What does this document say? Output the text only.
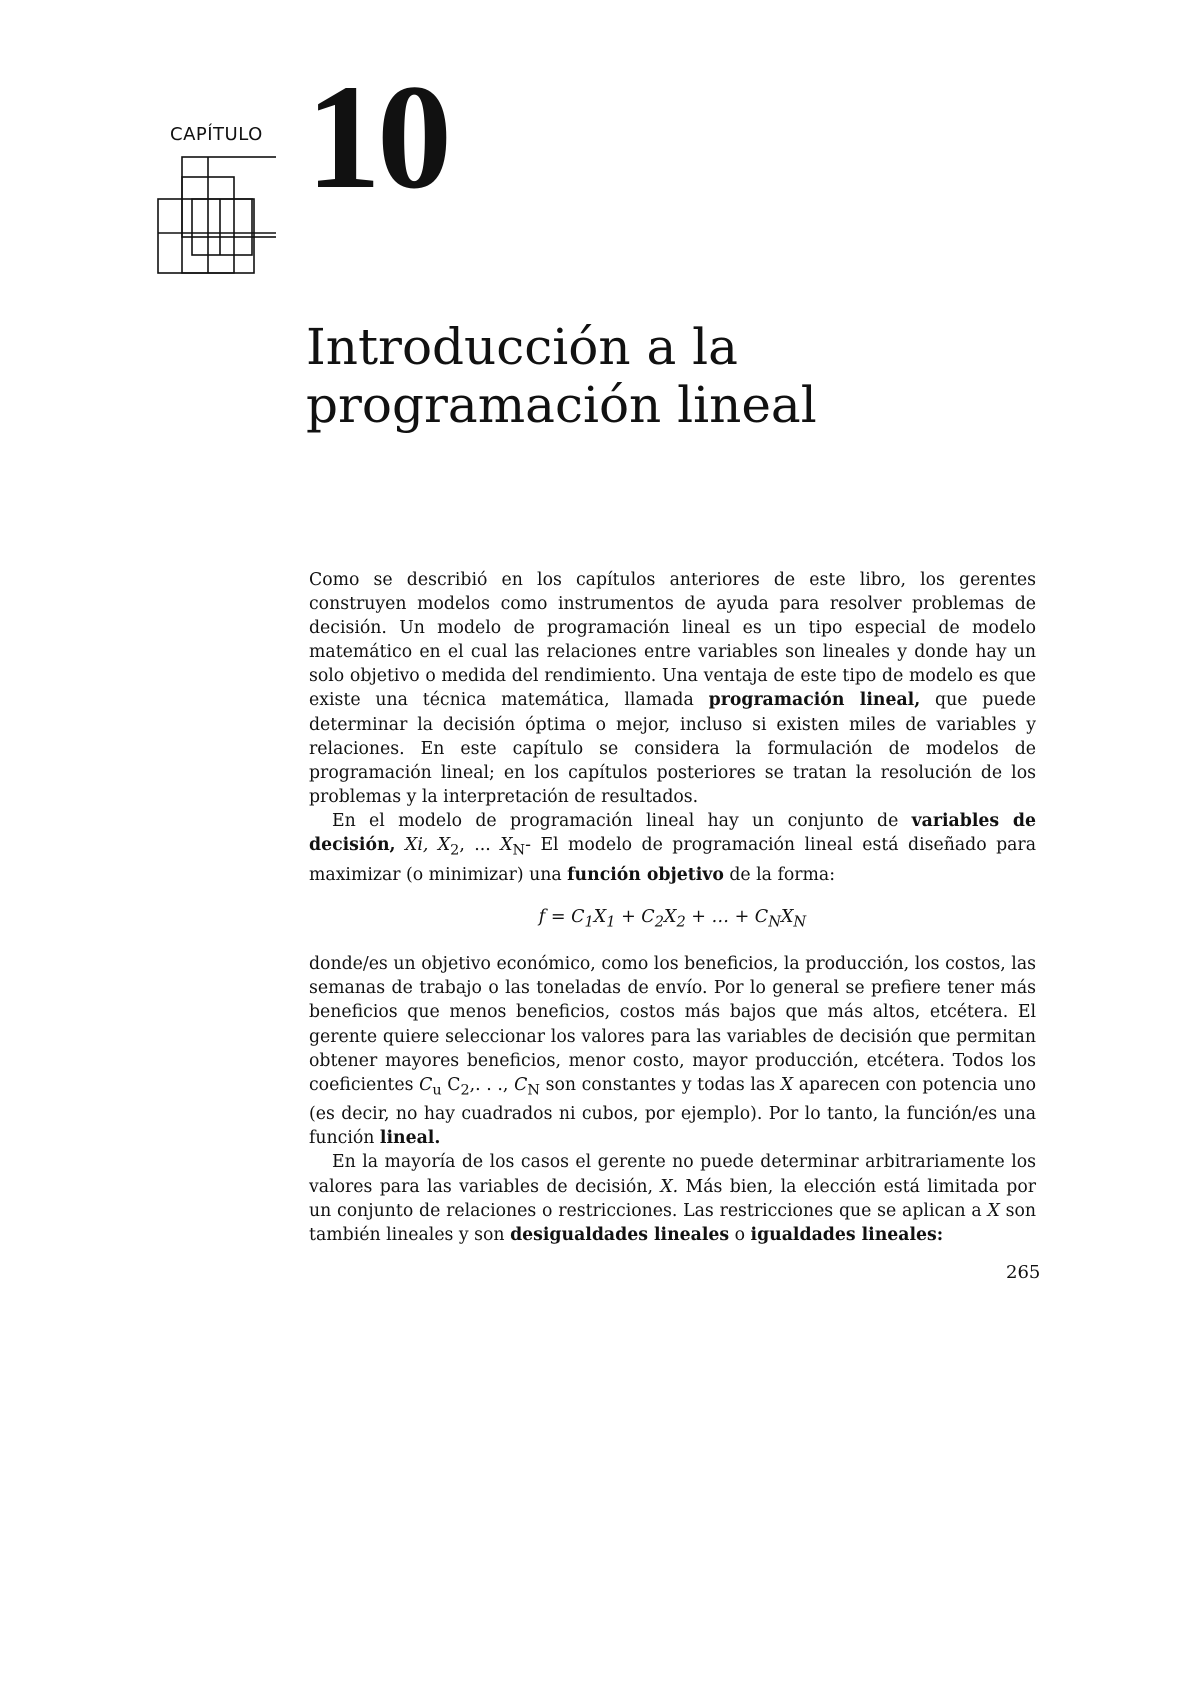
CAPÍTULO 10
Introducción a la
programación lineal

Como se describió en los capítulos anteriores de este libro, los gerentes construyen modelos como instrumentos de ayuda para resolver problemas de decisión. Un modelo de programación lineal es un tipo especial de modelo matemático en el cual las relaciones entre variables son lineales y donde hay un solo objetivo o medida del rendimiento. Una ventaja de este tipo de modelo es que existe una técnica matemática, llamada programación lineal, que puede determinar la decisión óptima o mejor, incluso si existen miles de variables y relaciones. En este capítulo se considera la formulación de modelos de programación lineal; en los capítulos posteriores se tratan la resolución de los problemas y la interpretación de resultados.

En el modelo de programación lineal hay un conjunto de variables de decisión, Xi, $X_2$, ... $X_N-$ El modelo de programación lineal está diseñado para maximizar (o minimizar) una función objetivo de la forma:

$f = C_1X_1 + C_2X_2$ + … + $C_NX_N$

donde/es un objetivo económico, como los beneficios, la producción, los costos, las semanas de trabajo o las toneladas de envío. Por lo general se prefiere tener más beneficios que menos beneficios, costos más bajos que más altos, etcétera. El gerente quiere seleccionar los valores para las variables de decisión que permitan obtener mayores beneficios, menor costo, mayor producción, etcétera. Todos los coeficientes $C_u$ $C_2$,. . ., $C_N$ son constantes y todas las X aparecen con potencia uno (es decir, no hay cuadrados ni cubos, por ejemplo). Por lo tanto, la función/es una función lineal.

En la mayoría de los casos el gerente no puede determinar arbitrariamente los valores para las variables de decisión, X. Más bien, la elección está limitada por un conjunto de relaciones o restricciones. Las restricciones que se aplican a X son también lineales y son desigualdades lineales o igualdades lineales:

265
